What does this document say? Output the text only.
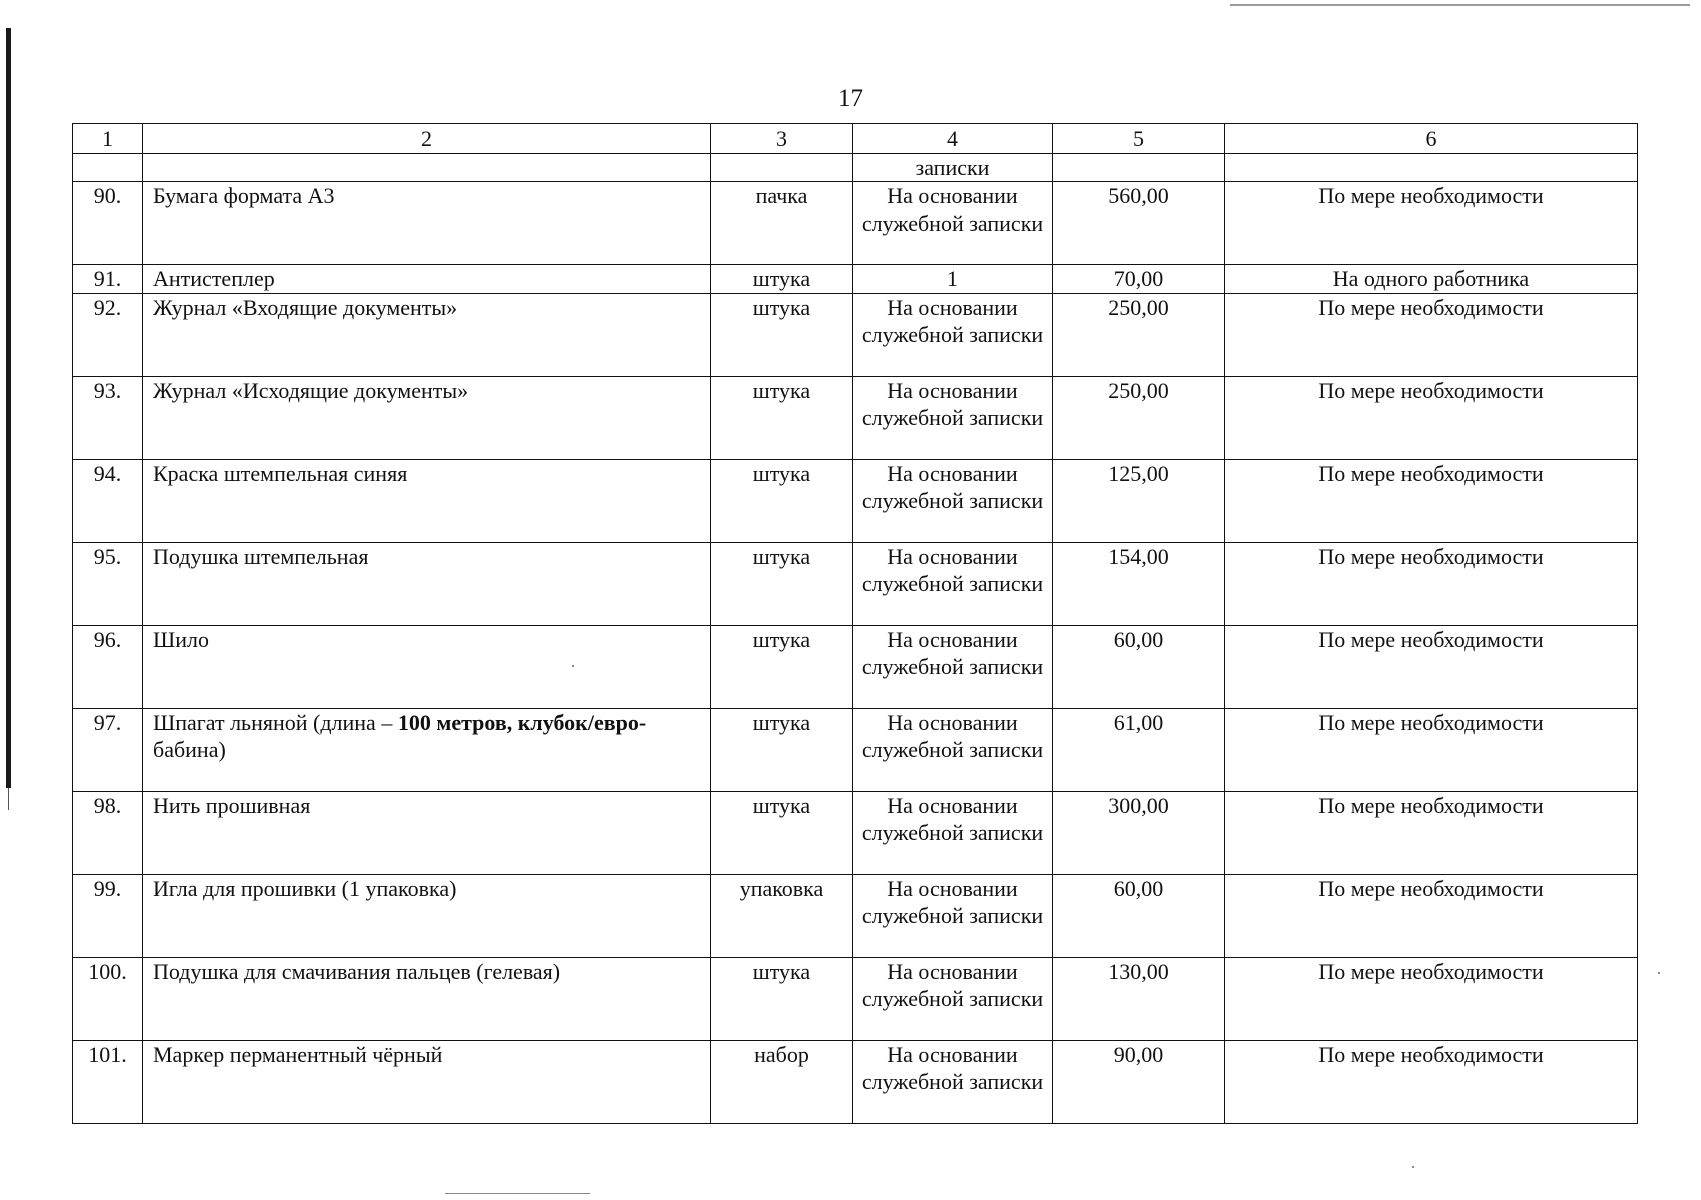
17
1	2	3	4	5	6
			записки		
90.	Бумага формата А3	пачка	На основании служебной записки	560,00	По мере необходимости
91.	Антистеплер	штука	1	70,00	На одного работника
92.	Журнал «Входящие документы»	штука	На основании служебной записки	250,00	По мере необходимости
93.	Журнал «Исходящие документы»	штука	На основании служебной записки	250,00	По мере необходимости
94.	Краска штемпельная синяя	штука	На основании служебной записки	125,00	По мере необходимости
95.	Подушка штемпельная	штука	На основании служебной записки	154,00	По мере необходимости
96.	Шило	штука	На основании служебной записки	60,00	По мере необходимости
97.	Шпагат льняной (длина – 100 метров, клубок/евро-бабина)	штука	На основании служебной записки	61,00	По мере необходимости
98.	Нить прошивная	штука	На основании служебной записки	300,00	По мере необходимости
99.	Игла для прошивки (1 упаковка)	упаковка	На основании служебной записки	60,00	По мере необходимости
100.	Подушка для смачивания пальцев (гелевая)	штука	На основании служебной записки	130,00	По мере необходимости
101.	Маркер перманентный чёрный	набор	На основании служебной записки	90,00	По мере необходимости
